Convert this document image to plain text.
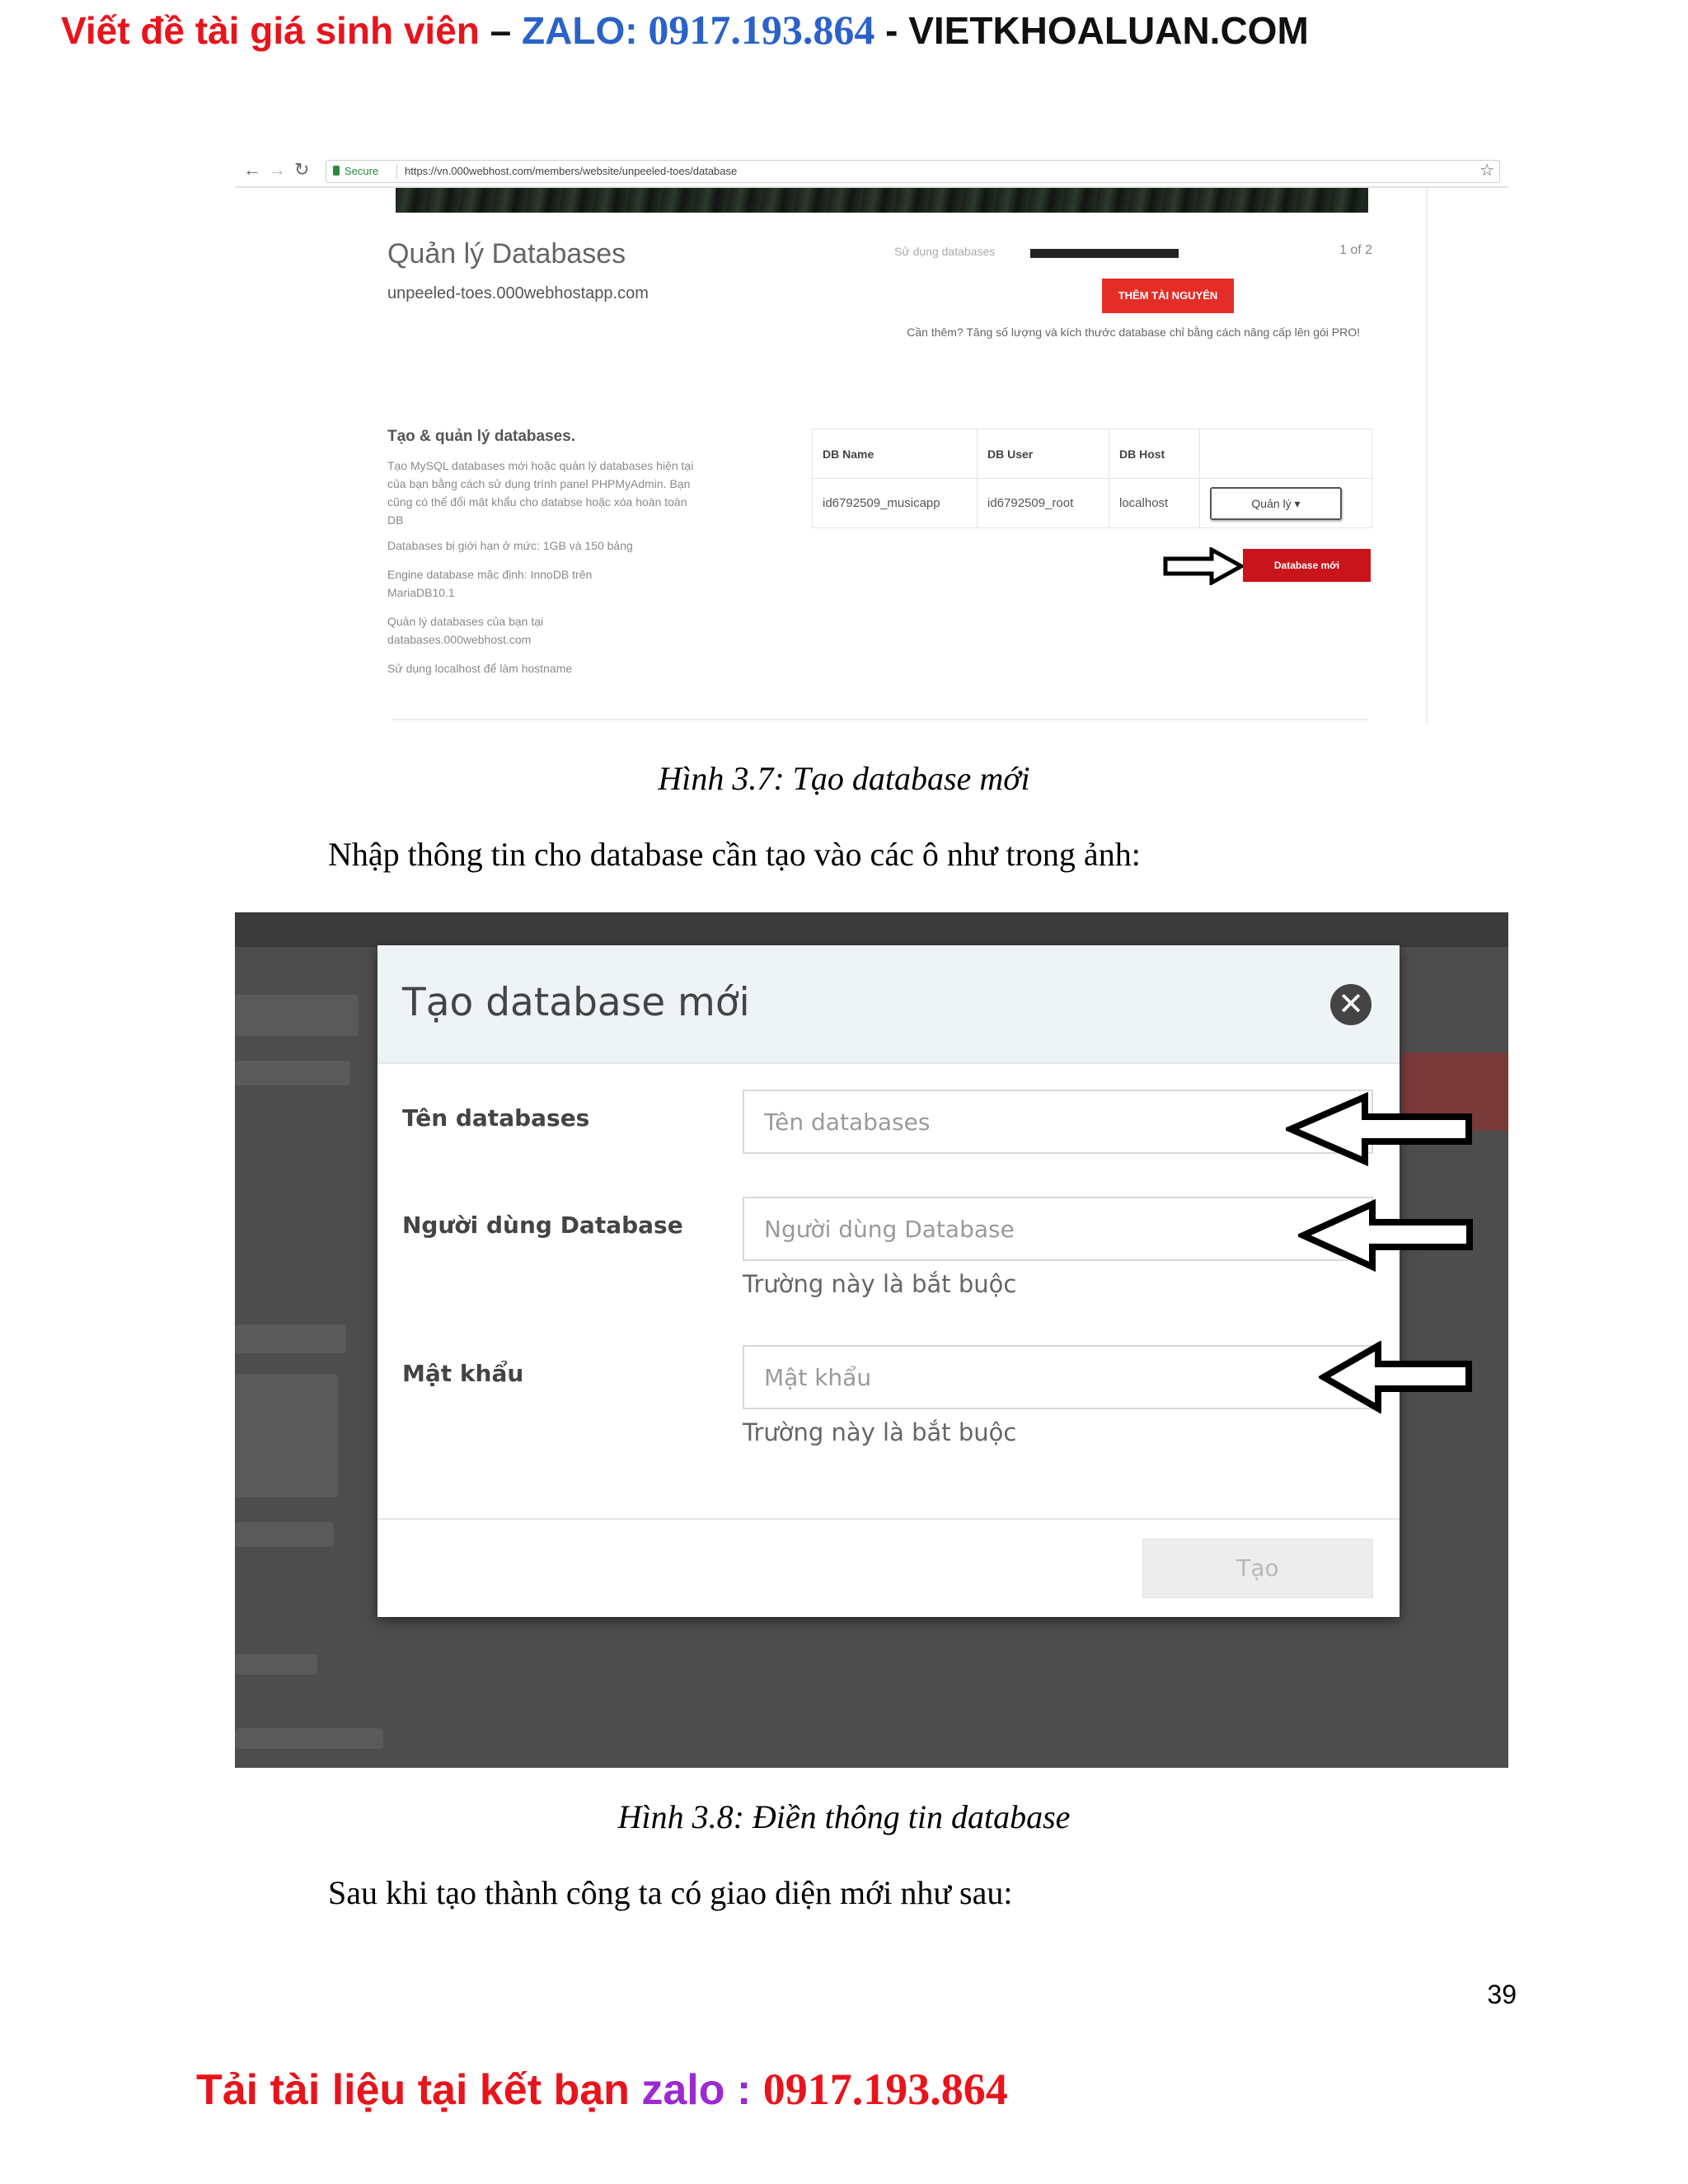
Viết đề tài giá sinh viên – ZALO: 0917.193.864 - VIETKHOALUAN.COM
← → ↻	Secure https://vn.000webhost.com/members/website/unpeeled-toes/database	☆
Quản lý Databases
unpeeled-toes.000webhostapp.com
Sử dụng databases	1 of 2
THÊM TÀI NGUYÊN
Cần thêm? Tăng số lượng và kích thước database chỉ bằng cách nâng cấp lên gói PRO!
Tạo & quản lý databases.
Tạo MySQL databases mới hoặc quản lý databases hiện tại của bạn bằng cách sử dụng trình panel PHPMyAdmin. Bạn cũng có thể đổi mật khẩu cho databse hoặc xóa hoàn toàn DB
Databases bị giới hạn ở mức: 1GB và 150 bảng
Engine database mặc định: InnoDB trên MariaDB10.1
Quản lý databases của bạn tại databases.000webhost.com
Sử dụng localhost để làm hostname
DB Name	DB User	DB Host	
id6792509_musicapp	id6792509_root	localhost	Quản lý ▾
Database mới
Hình 3.7: Tạo database mới
Nhập thông tin cho database cần tạo vào các ô như trong ảnh:
Tạo database mới	✕
Tên databases
Tên databases
Người dùng Database
Người dùng Database
Trường này là bắt buộc
Mật khẩu
Trường này là bắt buộc
Tạo
Hình 3.8: Điền thông tin database
Sau khi tạo thành công ta có giao diện mới như sau:
39
Tải tài liệu tại kết bạn zalo : 0917.193.864
